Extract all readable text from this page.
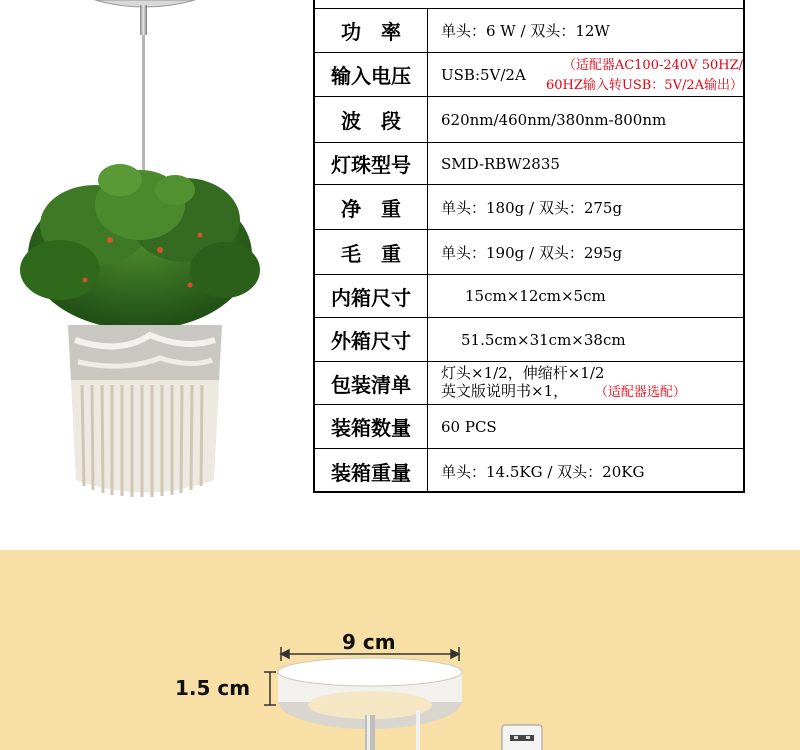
功　率	单头：6 W / 双头：12W
输入电压	USB:5V/2A	（适配器AC100-240V 50HZ/
60HZ输入转USB：5V/2A输出）
波　段	620nm/460nm/380nm-800nm
灯珠型号	SMD-RBW2835
净　重	单头：180g / 双头：275g
毛　重	单头：190g / 双头：295g
内箱尺寸	15cm×12cm×5cm
外箱尺寸	51.5cm×31cm×38cm
包装清单	灯头×1/2，伸缩杆×1/2
英文版说明书×1， （适配器选配）
装箱数量	60 PCS
装箱重量	单头：14.5KG / 双头：20KG
9 cm
1.5 cm
